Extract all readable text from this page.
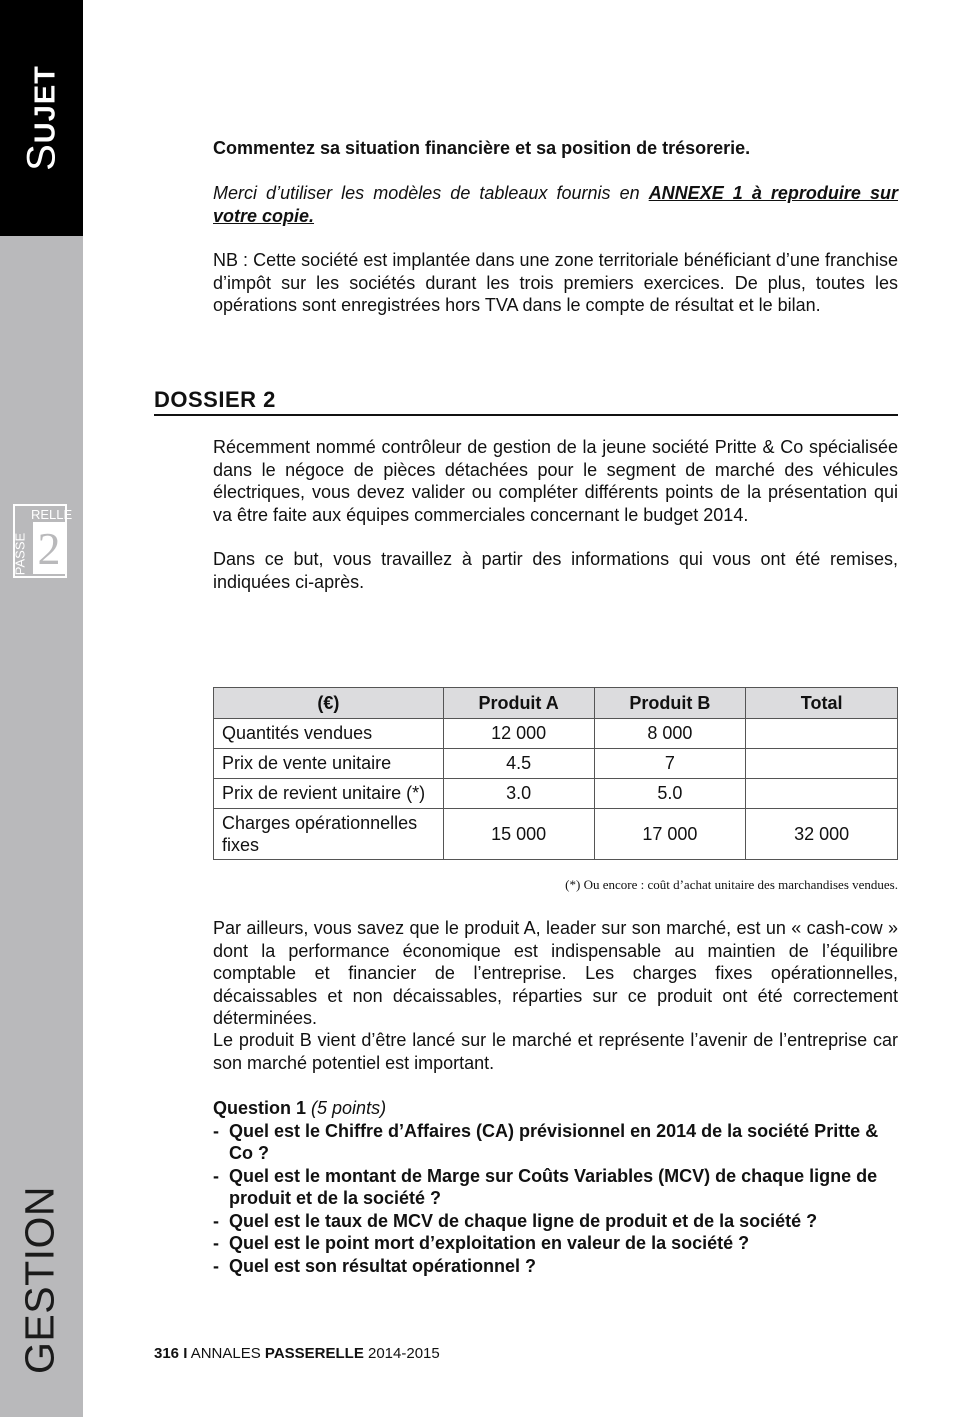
SUJET
RELLE
PASSE 2
GESTION
Commentez sa situation financière et sa position de trésorerie.
Merci d’utiliser les modèles de tableaux fournis en ANNEXE 1 à reproduire sur votre copie.
NB : Cette société est implantée dans une zone territoriale bénéficiant d’une franchise d’impôt sur les sociétés durant les trois premiers exercices. De plus, toutes les opérations sont enregistrées hors TVA dans le compte de résultat et le bilan.
DOSSIER 2
Récemment nommé contrôleur de gestion de la jeune société Pritte & Co spécialisée dans le négoce de pièces détachées pour le segment de marché des véhicules électriques, vous devez valider ou compléter différents points de la présentation qui va être faite aux équipes commerciales concernant le budget 2014.
Dans ce but, vous travaillez à partir des informations qui vous ont été remises, indiquées ci-après.
(€)	Produit A	Produit B	Total
Quantités vendues	12 000	8 000	
Prix de vente unitaire	4.5	7	
Prix de revient unitaire (*)	3.0	5.0	
Charges opérationnelles fixes	15 000	17 000	32 000
(*) Ou encore : coût d’achat unitaire des marchandises vendues.
Par ailleurs, vous savez que le produit A, leader sur son marché, est un « cash-cow » dont la performance économique est indispensable au maintien de l’équilibre comptable et financier de l’entreprise. Les charges fixes opérationnelles, décaissables et non décaissables, réparties sur ce produit ont été correctement déterminées.
Le produit B vient d’être lancé sur le marché et représente l’avenir de l’entreprise car son marché potentiel est important.
Question 1 (5 points)
- Quel est le Chiffre d’Affaires (CA) prévisionnel en 2014 de la société Pritte & Co ?
- Quel est le montant de Marge sur Coûts Variables (MCV) de chaque ligne de produit et de la société ?
- Quel est le taux de MCV de chaque ligne de produit et de la société ?
- Quel est le point mort d’exploitation en valeur de la société ?
- Quel est son résultat opérationnel ?
316 I ANNALES PASSERELLE 2014-2015
